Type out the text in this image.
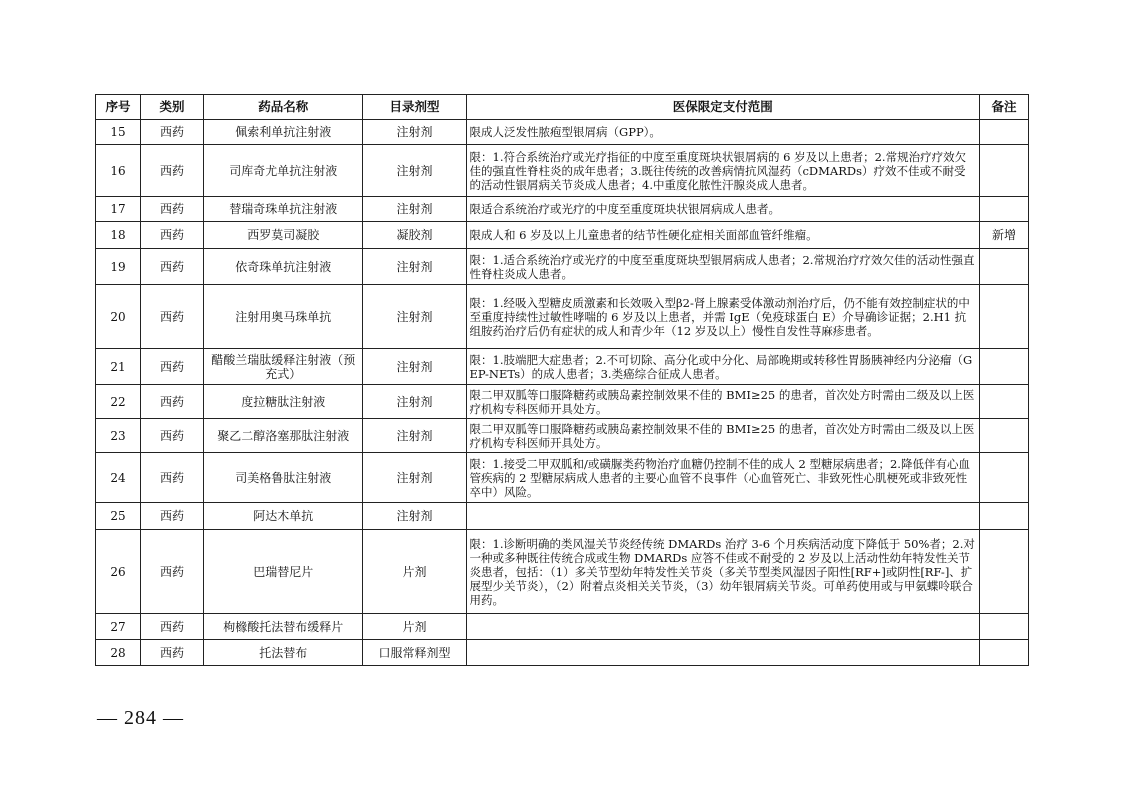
序号	类别	药品名称	目录剂型	医保限定支付范围	备注
15	西药	佩索利单抗注射液	注射剂	限成人泛发性脓疱型银屑病（GPP）。	
16	西药	司库奇尤单抗注射液	注射剂	限：1.符合系统治疗或光疗指征的中度至重度斑块状银屑病的 6 岁及以上患者；2.常规治疗疗效欠佳的强直性脊柱炎的成年患者；3.既往传统的改善病情抗风湿药（cDMARDs）疗效不佳或不耐受的活动性银屑病关节炎成人患者；4.中重度化脓性汗腺炎成人患者。	
17	西药	替瑞奇珠单抗注射液	注射剂	限适合系统治疗或光疗的中度至重度斑块状银屑病成人患者。	
18	西药	西罗莫司凝胶	凝胶剂	限成人和 6 岁及以上儿童患者的结节性硬化症相关面部血管纤维瘤。	新增
19	西药	依奇珠单抗注射液	注射剂	限：1.适合系统治疗或光疗的中度至重度斑块型银屑病成人患者；2.常规治疗疗效欠佳的活动性强直性脊柱炎成人患者。	
20	西药	注射用奥马珠单抗	注射剂	限：1.经吸入型糖皮质激素和长效吸入型β2-肾上腺素受体激动剂治疗后，仍不能有效控制症状的中至重度持续性过敏性哮喘的 6 岁及以上患者，并需 IgE（免疫球蛋白 E）介导确诊证据；2.H1 抗组胺药治疗后仍有症状的成人和青少年（12 岁及以上）慢性自发性荨麻疹患者。	
21	西药	醋酸兰瑞肽缓释注射液（预充式）	注射剂	限：1.肢端肥大症患者；2.不可切除、高分化或中分化、局部晚期或转移性胃肠胰神经内分泌瘤（GEP-NETs）的成人患者；3.类癌综合征成人患者。	
22	西药	度拉糖肽注射液	注射剂	限二甲双胍等口服降糖药或胰岛素控制效果不佳的 BMI≥25 的患者，首次处方时需由二级及以上医疗机构专科医师开具处方。	
23	西药	聚乙二醇洛塞那肽注射液	注射剂	限二甲双胍等口服降糖药或胰岛素控制效果不佳的 BMI≥25 的患者，首次处方时需由二级及以上医疗机构专科医师开具处方。	
24	西药	司美格鲁肽注射液	注射剂	限：1.接受二甲双胍和/或磺脲类药物治疗血糖仍控制不佳的成人 2 型糖尿病患者；2.降低伴有心血管疾病的 2 型糖尿病成人患者的主要心血管不良事件（心血管死亡、非致死性心肌梗死或非致死性卒中）风险。	
25	西药	阿达木单抗	注射剂		
26	西药	巴瑞替尼片	片剂	限：1.诊断明确的类风湿关节炎经传统 DMARDs 治疗 3-6 个月疾病活动度下降低于 50%者；2.对一种或多种既往传统合成或生物 DMARDs 应答不佳或不耐受的 2 岁及以上活动性幼年特发性关节炎患者，包括：（1）多关节型幼年特发性关节炎（多关节型类风湿因子阳性[RF+]或阴性[RF-]、扩展型少关节炎），（2）附着点炎相关关节炎，（3）幼年银屑病关节炎。可单药使用或与甲氨蝶呤联合用药。	
27	西药	枸橼酸托法替布缓释片	片剂		
28	西药	托法替布	口服常释剂型		
— 284 —
